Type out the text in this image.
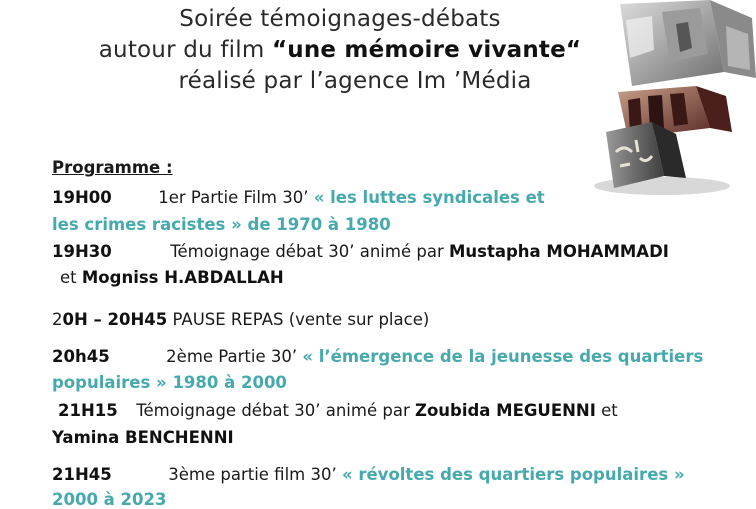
Soirée témoignages-débats
autour du film “une mémoire vivante“
réalisé par l’agence Im ’Média
Programme :
19H00	1er Partie Film 30’ « les luttes syndicales et
les crimes racistes » de 1970 à 1980
19H30	Témoignage débat 30’ animé par Mustapha MOHAMMADI
et Mogniss H.ABDALLAH
20H – 20H45 PAUSE REPAS (vente sur place)
20h45	2ème Partie 30’ « l’émergence de la jeunesse des quartiers
populaires » 1980 à 2000
21H15 Témoignage débat 30’ animé par Zoubida MEGUENNI et
Yamina BENCHENNI
21H45	3ème partie film 30’ « révoltes des quartiers populaires »
2000 à 2023
